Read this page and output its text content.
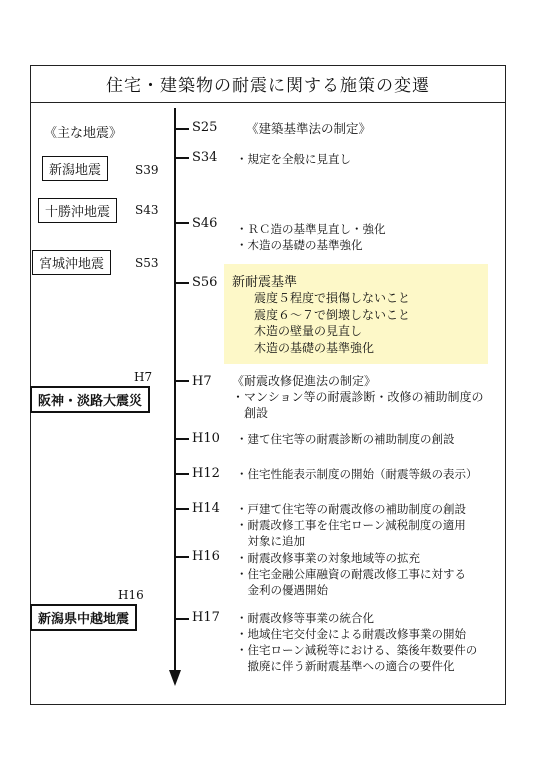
住宅・建築物の耐震に関する施策の変遷
《主な地震》
新潟地震	S39
十勝沖地震	S43
宮城沖地震	S53
H7
阪神・淡路大震災
H16
新潟県中越地震
S25 《建築基準法の制定》
S34 ・規定を全般に見直し
S46 ・ＲＣ造の基準見直し・強化
・木造の基礎の基準強化
S56 新耐震基準
震度５程度で損傷しないこと
震度６～７で倒壊しないこと
木造の壁量の見直し
木造の基礎の基準強化
H7 《耐震改修促進法の制定》
・マンション等の耐震診断・改修の補助制度の
　創設
H10 ・建て住宅等の耐震診断の補助制度の創設
H12 ・住宅性能表示制度の開始（耐震等級の表示）
H14 ・戸建て住宅等の耐震改修の補助制度の創設
・耐震改修工事を住宅ローン減税制度の適用
　対象に追加
H16 ・耐震改修事業の対象地域等の拡充
・住宅金融公庫融資の耐震改修工事に対する
　金利の優遇開始
H17 ・耐震改修等事業の統合化
・地域住宅交付金による耐震改修事業の開始
・住宅ローン減税等における、築後年数要件の
　撤廃に伴う新耐震基準への適合の要件化
